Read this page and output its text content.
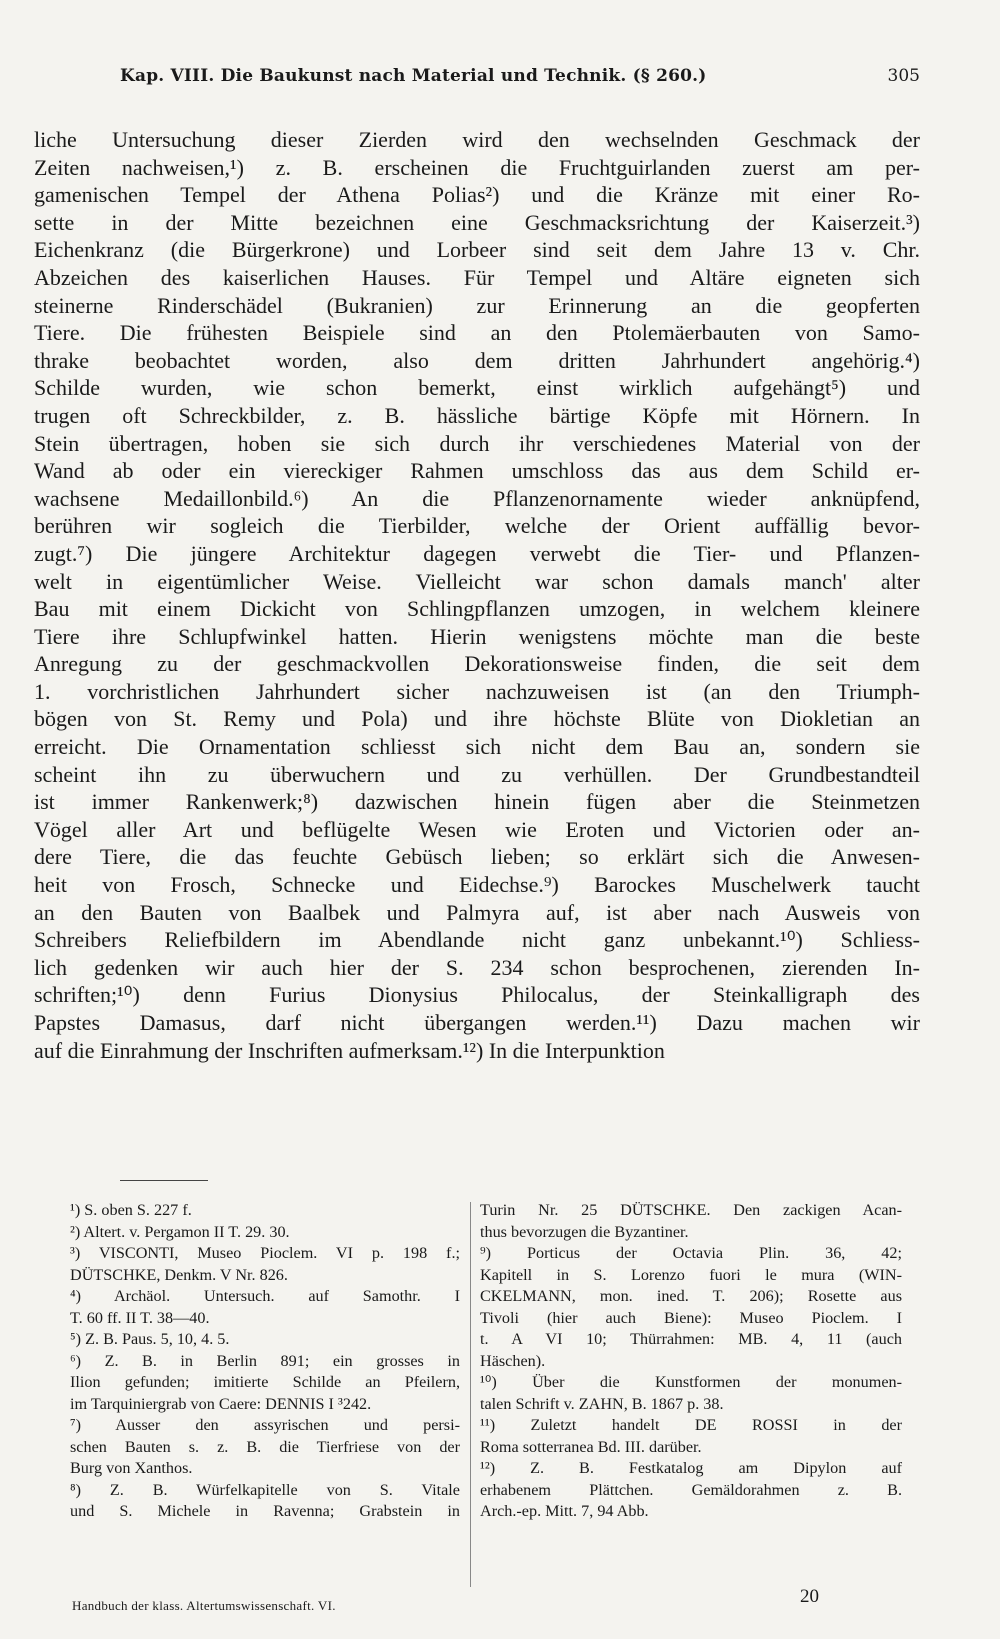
Kap. VIII. Die Baukunst nach Material und Technik. (§ 260.)	305
liche Untersuchung dieser Zierden wird den wechselnden Geschmack der
Zeiten nachweisen,¹) z. B. erscheinen die Fruchtguirlanden zuerst am per-
gamenischen Tempel der Athena Polias²) und die Kränze mit einer Ro-
sette in der Mitte bezeichnen eine Geschmacksrichtung der Kaiserzeit.³)
Eichenkranz (die Bürgerkrone) und Lorbeer sind seit dem Jahre 13 v. Chr.
Abzeichen des kaiserlichen Hauses. Für Tempel und Altäre eigneten sich
steinerne Rinderschädel (Bukranien) zur Erinnerung an die geopferten
Tiere. Die frühesten Beispiele sind an den Ptolemäerbauten von Samo-
thrake beobachtet worden, also dem dritten Jahrhundert angehörig.⁴)
Schilde wurden, wie schon bemerkt, einst wirklich aufgehängt⁵) und
trugen oft Schreckbilder, z. B. hässliche bärtige Köpfe mit Hörnern. In
Stein übertragen, hoben sie sich durch ihr verschiedenes Material von der
Wand ab oder ein viereckiger Rahmen umschloss das aus dem Schild er-
wachsene Medaillonbild.⁶) An die Pflanzenornamente wieder anknüpfend,
berühren wir sogleich die Tierbilder, welche der Orient auffällig bevor-
zugt.⁷) Die jüngere Architektur dagegen verwebt die Tier- und Pflanzen-
welt in eigentümlicher Weise. Vielleicht war schon damals manch' alter
Bau mit einem Dickicht von Schlingpflanzen umzogen, in welchem kleinere
Tiere ihre Schlupfwinkel hatten. Hierin wenigstens möchte man die beste
Anregung zu der geschmackvollen Dekorationsweise finden, die seit dem
1. vorchristlichen Jahrhundert sicher nachzuweisen ist (an den Triumph-
bögen von St. Remy und Pola) und ihre höchste Blüte von Diokletian an
erreicht. Die Ornamentation schliesst sich nicht dem Bau an, sondern sie
scheint ihn zu überwuchern und zu verhüllen. Der Grundbestandteil
ist immer Rankenwerk;⁸) dazwischen hinein fügen aber die Steinmetzen
Vögel aller Art und beflügelte Wesen wie Eroten und Victorien oder an-
dere Tiere, die das feuchte Gebüsch lieben; so erklärt sich die Anwesen-
heit von Frosch, Schnecke und Eidechse.⁹) Barockes Muschelwerk taucht
an den Bauten von Baalbek und Palmyra auf, ist aber nach Ausweis von
Schreibers Reliefbildern im Abendlande nicht ganz unbekannt.¹⁰) Schliess-
lich gedenken wir auch hier der S. 234 schon besprochenen, zierenden In-
schriften;¹⁰) denn Furius Dionysius Philocalus, der Steinkalligraph des
Papstes Damasus, darf nicht übergangen werden.¹¹) Dazu machen wir
auf die Einrahmung der Inschriften aufmerksam.¹²) In die Interpunktion
¹) S. oben S. 227 f.
²) Altert. v. Pergamon II T. 29. 30.
³) VISCONTI, Museo Pioclem. VI p. 198 f.;
DÜTSCHKE, Denkm. V Nr. 826.
⁴) Archäol. Untersuch. auf Samothr. I
T. 60 ff. II T. 38—40.
⁵) Z. B. Paus. 5, 10, 4. 5.
⁶) Z. B. in Berlin 891; ein grosses in
Ilion gefunden; imitierte Schilde an Pfeilern,
im Tarquiniergrab von Caere: DENNIS I ³242.
⁷) Ausser den assyrischen und persi-
schen Bauten s. z. B. die Tierfriese von der
Burg von Xanthos.
⁸) Z. B. Würfelkapitelle von S. Vitale
und S. Michele in Ravenna; Grabstein in
Turin Nr. 25 DÜTSCHKE. Den zackigen Acan-
thus bevorzugen die Byzantiner.
⁹) Porticus der Octavia Plin. 36, 42;
Kapitell in S. Lorenzo fuori le mura (WIN-
CKELMANN, mon. ined. T. 206); Rosette aus
Tivoli (hier auch Biene): Museo Pioclem. I
t. A VI 10; Thürrahmen: MB. 4, 11 (auch
Häschen).
¹⁰) Über die Kunstformen der monumen-
talen Schrift v. ZAHN, B. 1867 p. 38.
¹¹) Zuletzt handelt DE ROSSI in der
Roma sotterranea Bd. III. darüber.
¹²) Z. B. Festkatalog am Dipylon auf
erhabenem Plättchen. Gemäldorahmen z. B.
Arch.-ep. Mitt. 7, 94 Abb.
Handbuch der klass. Altertumswissenschaft. VI.	20
